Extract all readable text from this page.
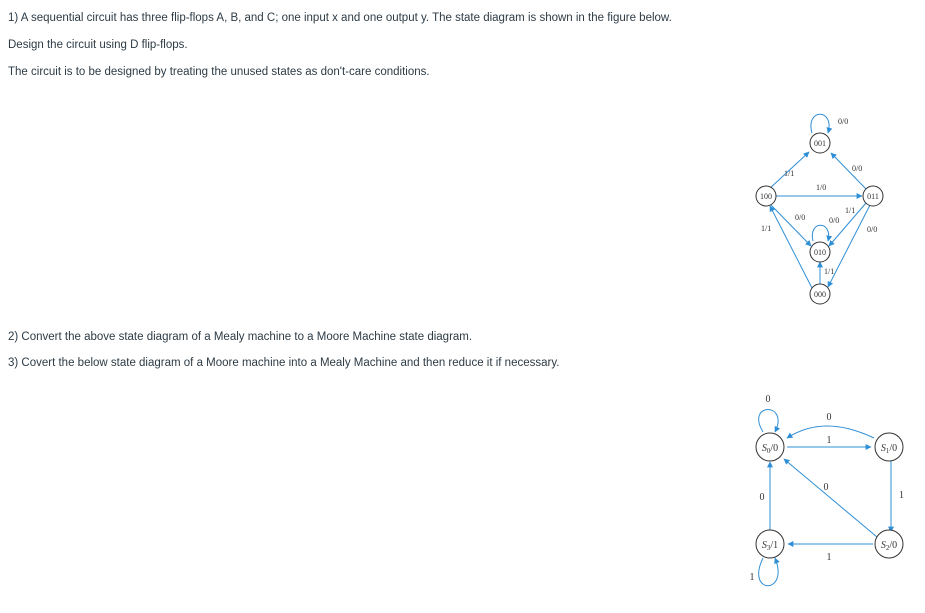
1) A sequential circuit has three flip-flops A, B, and C; one input x and one output y. The state diagram is shown in the figure below.

Design the circuit using D flip-flops.

The circuit is to be designed by treating the unused states as don't-care conditions.

2) Convert the above state diagram of a Mealy machine to a Moore Machine state diagram.

3) Covert the below state diagram of a Moore machine into a Mealy Machine and then reduce it if necessary.

001
100	011
010
000
0/0
1/1
0/0
1/0
0/0	0/0
1/1
0/0
1/1
1/1
$S_0/0$	$S_1/0$
$S_2/0$
$S_3/1$
0
0
1
0
1
1
0
1
